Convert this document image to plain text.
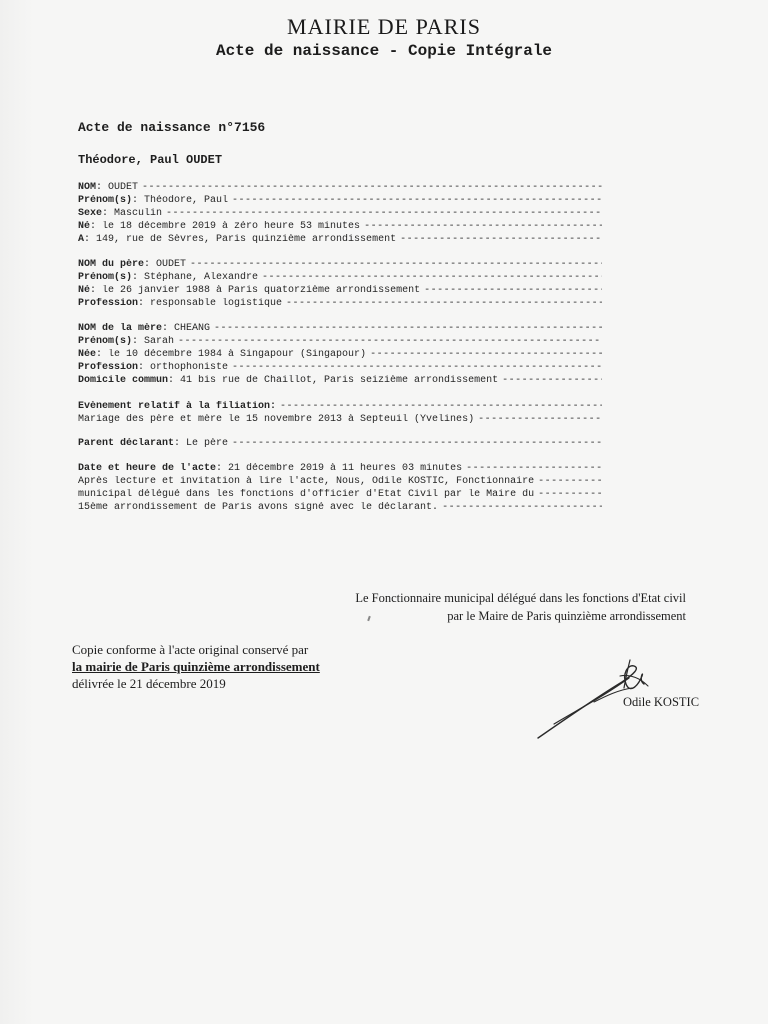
MAIRIE DE PARIS
Acte de naissance - Copie Intégrale
Acte de naissance n°7156
Théodore, Paul OUDET
NOM : OUDET
-----
Prénom(s) : Théodore, Paul
-----
Sexe : Masculin
-----
Né : le 18 décembre 2019 à zéro heure 53 minutes
-----
À : 149, rue de Sèvres, Paris quinzième arrondissement
-----
NOM du père : OUDET
-----
Prénom(s) : Stéphane, Alexandre
-----
Né : le 26 janvier 1988 à Paris quatorzième arrondissement
-----
Profession : responsable logistique
-----
NOM de la mère : CHEANG
-----
Prénom(s) : Sarah
-----
Née : le 10 décembre 1984 à Singapour (Singapour)
-----
Profession : orthophoniste
-----
Domicile commun : 41 bis rue de Chaillot, Paris seizième arrondissement
-----
Évènement relatif à la filiation :
-----
Mariage des père et mère le 15 novembre 2013 à Septeuil (Yvelines)
-----
Parent déclarant : Le père
-----
Date et heure de l'acte : 21 décembre 2019 à 11 heures 03 minutes
-----
Après lecture et invitation à lire l'acte, Nous, Odile KOSTIC, Fonctionnaire
-----
municipal délégué dans les fonctions d'officier d'Etat Civil par le Maire du
-----
15ème arrondissement de Paris avons signé avec le déclarant.
-----
Le Fonctionnaire municipal délégué dans les fonctions d'Etat civil
par le Maire de Paris quinzième arrondissement
Copie conforme à l'acte original conservé par
la mairie de Paris quinzième arrondissement
délivrée le 21 décembre 2019
Odile KOSTIC
